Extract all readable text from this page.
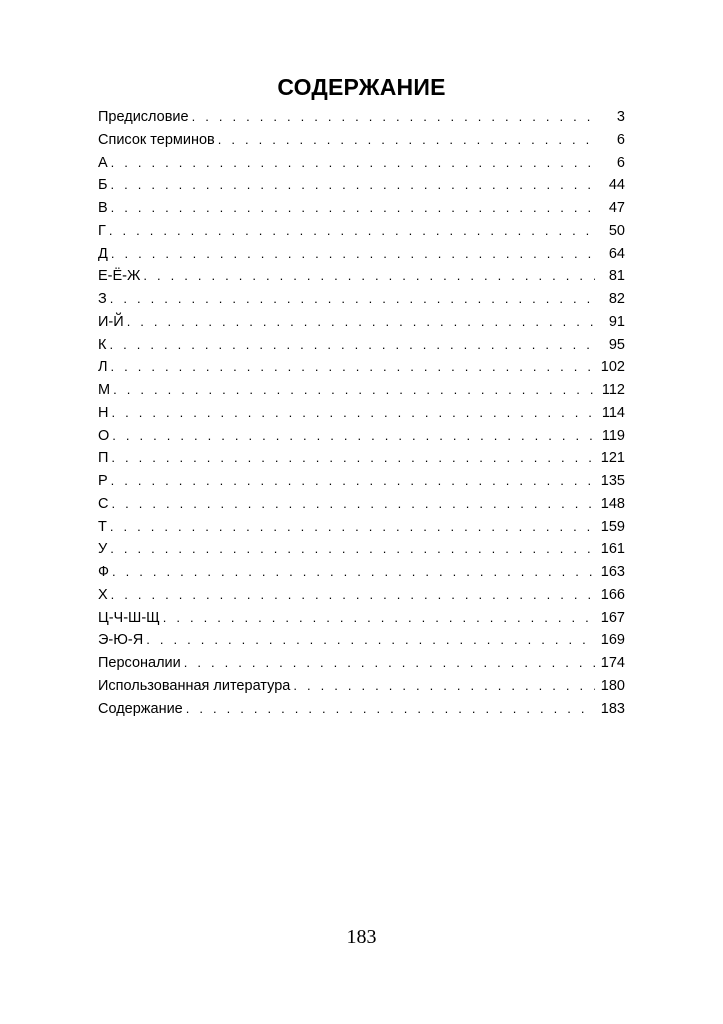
СОДЕРЖАНИЕ
Предисловие . . .	3
Список терминов . . .	6
А . . .	6
Б . . .	44
В . . .	47
Г . . .	50
Д . . .	64
Е-Ё-Ж . . .	81
З . . .	82
И-Й . . .	91
К . . .	95
Л . . .	102
М . . .	112
Н . . .	114
О . . .	119
П . . .	121
Р . . .	135
С . . .	148
Т . . .	159
У . . .	161
Ф . . .	163
Х . . .	166
Ц-Ч-Ш-Щ . . .	167
Э-Ю-Я . . .	169
Персоналии . . .	174
Использованная литература . . .	180
Содержание . . .	183
183
